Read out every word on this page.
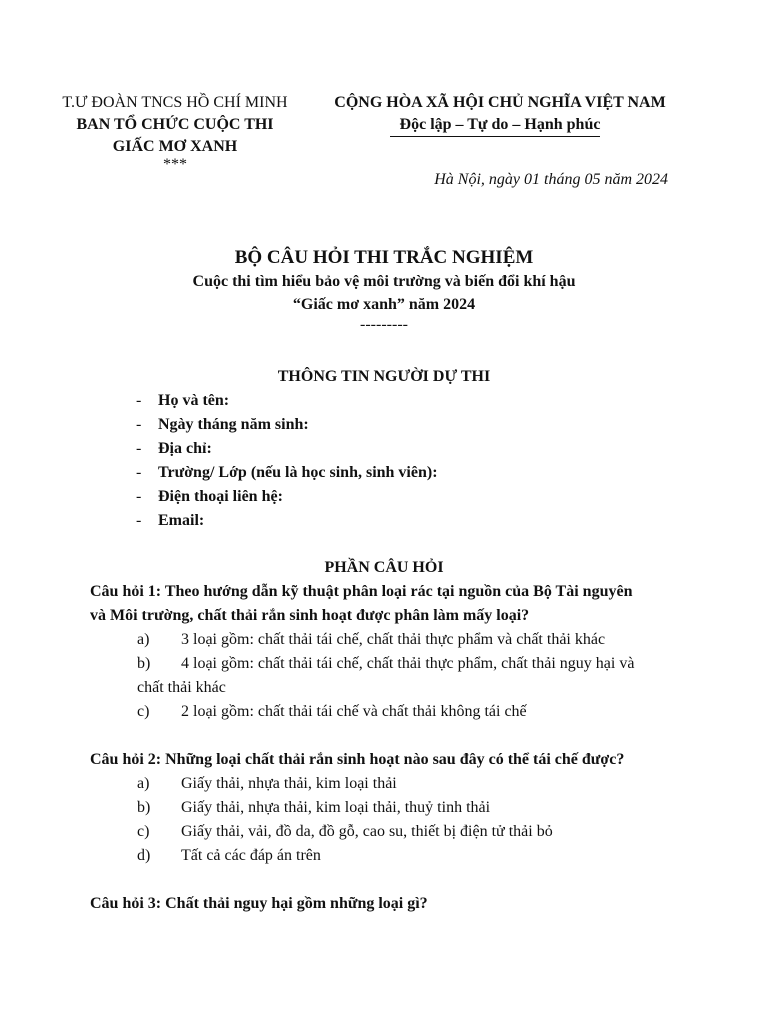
T.Ư ĐOÀN TNCS HỒ CHÍ MINH
BAN TỔ CHỨC CUỘC THI
GIẤC MƠ XANH
***
CỘNG HÒA XÃ HỘI CHỦ NGHĨA VIỆT NAM
Độc lập – Tự do – Hạnh phúc
Hà Nội, ngày 01 tháng 05 năm 2024
BỘ CÂU HỎI THI TRẮC NGHIỆM
Cuộc thi tìm hiểu bảo vệ môi trường và biến đổi khí hậu
“Giấc mơ xanh” năm 2024
---------
THÔNG TIN NGƯỜI DỰ THI
- Họ và tên:
- Ngày tháng năm sinh:
- Địa chỉ:
- Trường/ Lớp (nếu là học sinh, sinh viên):
- Điện thoại liên hệ:
- Email:
PHẦN CÂU HỎI
Câu hỏi 1: Theo hướng dẫn kỹ thuật phân loại rác tại nguồn của Bộ Tài nguyên
và Môi trường, chất thải rắn sinh hoạt được phân làm mấy loại?
a) 3 loại gồm: chất thải tái chế, chất thải thực phẩm và chất thải khác
b) 4 loại gồm: chất thải tái chế, chất thải thực phẩm, chất thải nguy hại và
chất thải khác
c) 2 loại gồm: chất thải tái chế và chất thải không tái chế
Câu hỏi 2: Những loại chất thải rắn sinh hoạt nào sau đây có thể tái chế được?
a) Giấy thải, nhựa thải, kim loại thải
b) Giấy thải, nhựa thải, kim loại thải, thuỷ tinh thải
c) Giấy thải, vải, đồ da, đồ gỗ, cao su, thiết bị điện tử thải bỏ
d) Tất cả các đáp án trên
Câu hỏi 3: Chất thải nguy hại gồm những loại gì?
